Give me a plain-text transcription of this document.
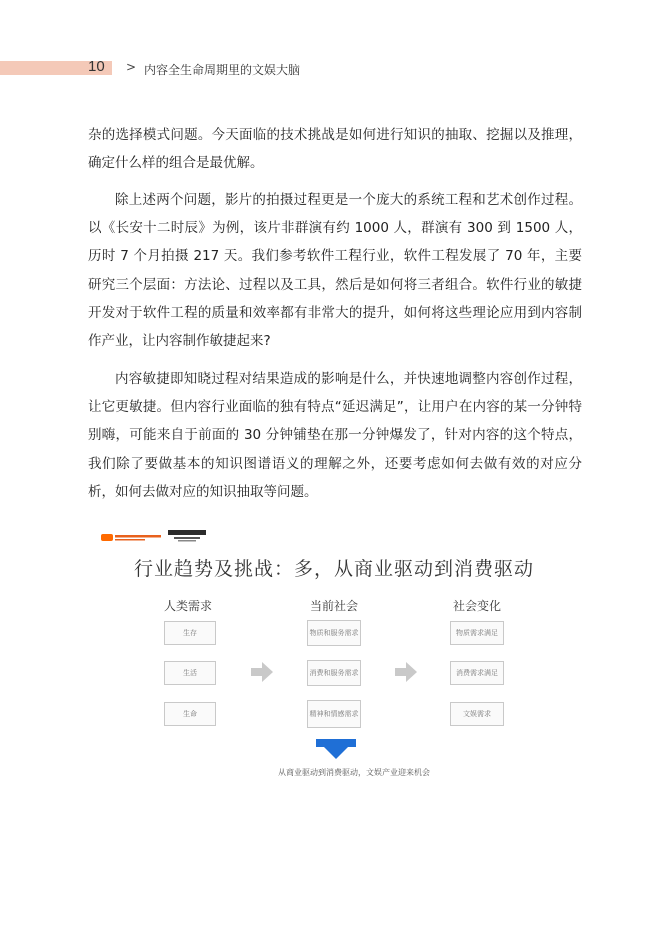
10 > 内容全生命周期里的文娱大脑
杂的选择模式问题。今天面临的技术挑战是如何进行知识的抽取、挖掘以及推理，确定什么样的组合是最优解。
除上述两个问题，影片的拍摄过程更是一个庞大的系统工程和艺术创作过程。以《长安十二时辰》为例，该片非群演有约 1000 人，群演有 300 到 1500 人，历时 7 个月拍摄 217 天。我们参考软件工程行业，软件工程发展了 70 年，主要研究三个层面：方法论、过程以及工具，然后是如何将三者组合。软件行业的敏捷开发对于软件工程的质量和效率都有非常大的提升，如何将这些理论应用到内容制作产业，让内容制作敏捷起来?
内容敏捷即知晓过程对结果造成的影响是什么，并快速地调整内容创作过程，让它更敏捷。但内容行业面临的独有特点“延迟满足”，让用户在内容的某一分钟特别嗨，可能来自于前面的 30 分钟铺垫在那一分钟爆发了，针对内容的这个特点，我们除了要做基本的知识图谱语义的理解之外，还要考虑如何去做有效的对应分析，如何去做对应的知识抽取等问题。
行业趋势及挑战：多，从商业驱动到消费驱动
人类需求
生存
生活
生命
当前社会
物质和服务需求
消费和服务需求
精神和情感需求
社会变化
物质需求满足
消费需求满足
文娱需求
从商业驱动到消费驱动，文娱产业迎来机会
